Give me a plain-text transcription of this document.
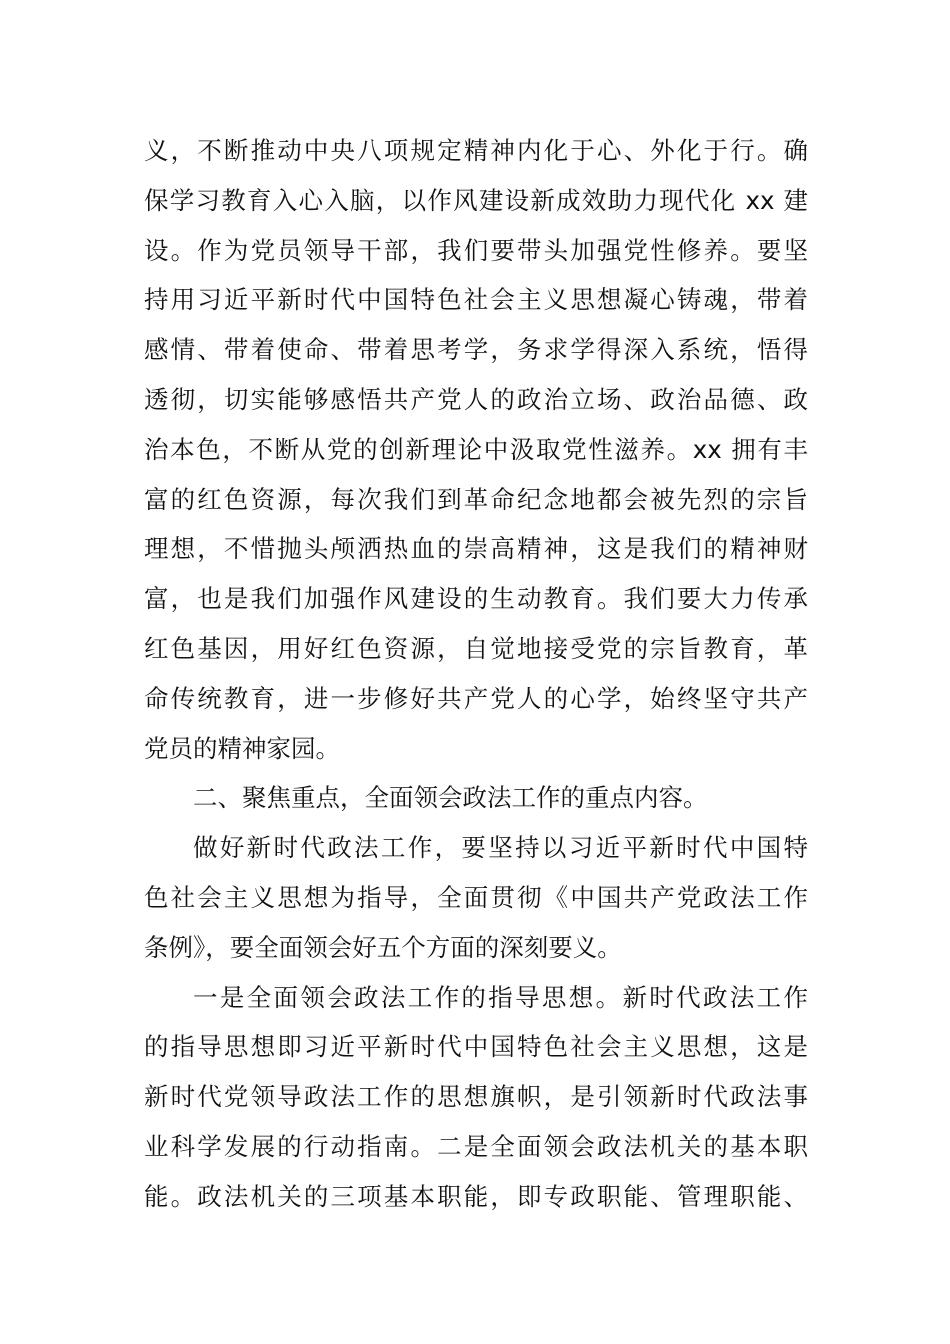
义，不断推动中央八项规定精神内化于心、外化于行。确
保学习教育入心入脑，以作风建设新成效助力现代化 xx 建
设。作为党员领导干部，我们要带头加强党性修养。要坚
持用习近平新时代中国特色社会主义思想凝心铸魂，带着
感情、带着使命、带着思考学，务求学得深入系统，悟得
透彻，切实能够感悟共产党人的政治立场、政治品德、政
治本色，不断从党的创新理论中汲取党性滋养。xx 拥有丰
富的红色资源，每次我们到革命纪念地都会被先烈的宗旨
理想，不惜抛头颅洒热血的崇高精神，这是我们的精神财
富，也是我们加强作风建设的生动教育。我们要大力传承
红色基因，用好红色资源，自觉地接受党的宗旨教育，革
命传统教育，进一步修好共产党人的心学，始终坚守共产
党员的精神家园。
二、聚焦重点，全面领会政法工作的重点内容。
做好新时代政法工作，要坚持以习近平新时代中国特
色社会主义思想为指导，全面贯彻《中国共产党政法工作
条例》，要全面领会好五个方面的深刻要义。
一是全面领会政法工作的指导思想。新时代政法工作
的指导思想即习近平新时代中国特色社会主义思想，这是
新时代党领导政法工作的思想旗帜，是引领新时代政法事
业科学发展的行动指南。二是全面领会政法机关的基本职
能。政法机关的三项基本职能，即专政职能、管理职能、
